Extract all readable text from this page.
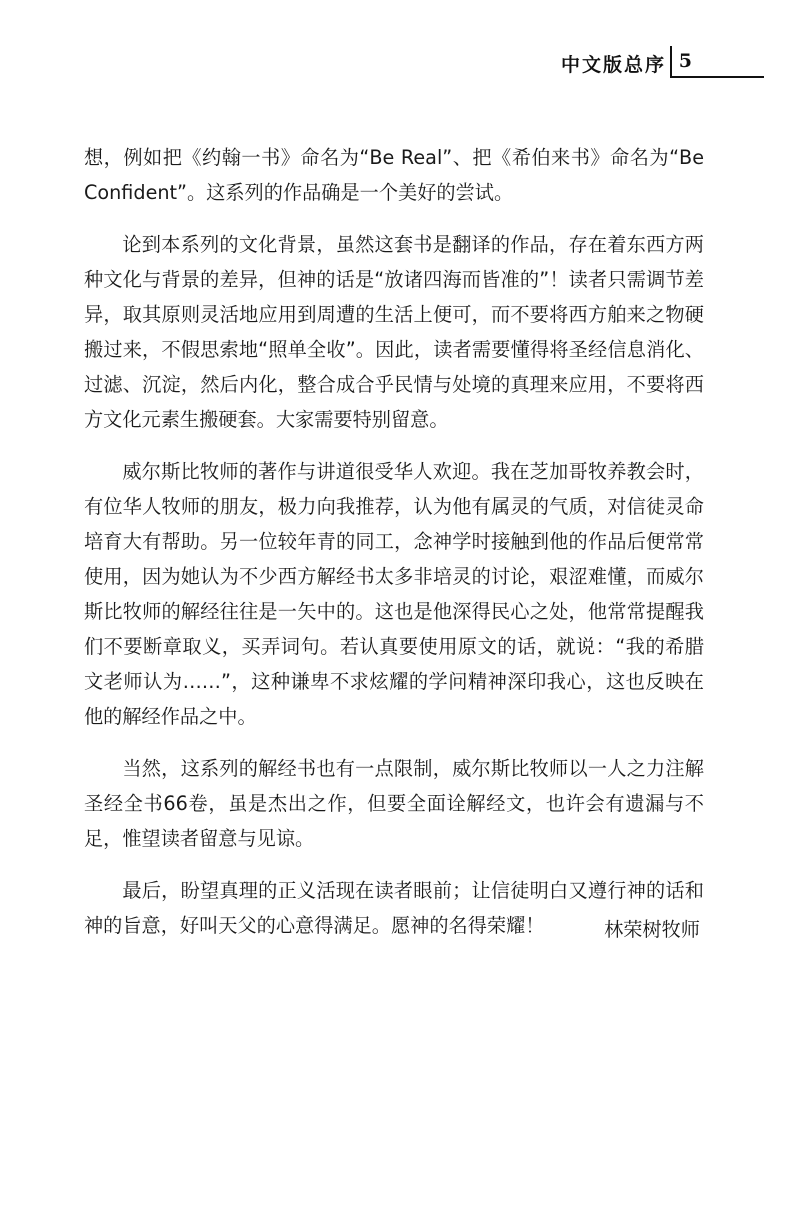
中文版总序 5

想，例如把《约翰一书》命名为“Be Real”、把《希伯来书》命名为“Be Confident”。这系列的作品确是一个美好的尝试。

论到本系列的文化背景，虽然这套书是翻译的作品，存在着东西方两种文化与背景的差异，但神的话是“放诸四海而皆准的”！读者只需调节差异，取其原则灵活地应用到周遭的生活上便可，而不要将西方舶来之物硬搬过来，不假思索地“照单全收”。因此，读者需要懂得将圣经信息消化、过滤、沉淀，然后内化，整合成合乎民情与处境的真理来应用，不要将西方文化元素生搬硬套。大家需要特别留意。

威尔斯比牧师的著作与讲道很受华人欢迎。我在芝加哥牧养教会时，有位华人牧师的朋友，极力向我推荐，认为他有属灵的气质，对信徒灵命培育大有帮助。另一位较年青的同工，念神学时接触到他的作品后便常常使用，因为她认为不少西方解经书太多非培灵的讨论，艰涩难懂，而威尔斯比牧师的解经往往是一矢中的。这也是他深得民心之处，他常常提醒我们不要断章取义，买弄词句。若认真要使用原文的话，就说：“我的希腊文老师认为……”，这种谦卑不求炫耀的学问精神深印我心，这也反映在他的解经作品之中。

当然，这系列的解经书也有一点限制，威尔斯比牧师以一人之力注解圣经全书66卷，虽是杰出之作，但要全面诠解经文，也许会有遗漏与不足，惟望读者留意与见谅。

最后，盼望真理的正义活现在读者眼前；让信徒明白又遵行神的话和神的旨意，好叫天父的心意得满足。愿神的名得荣耀！	林荣树牧师
